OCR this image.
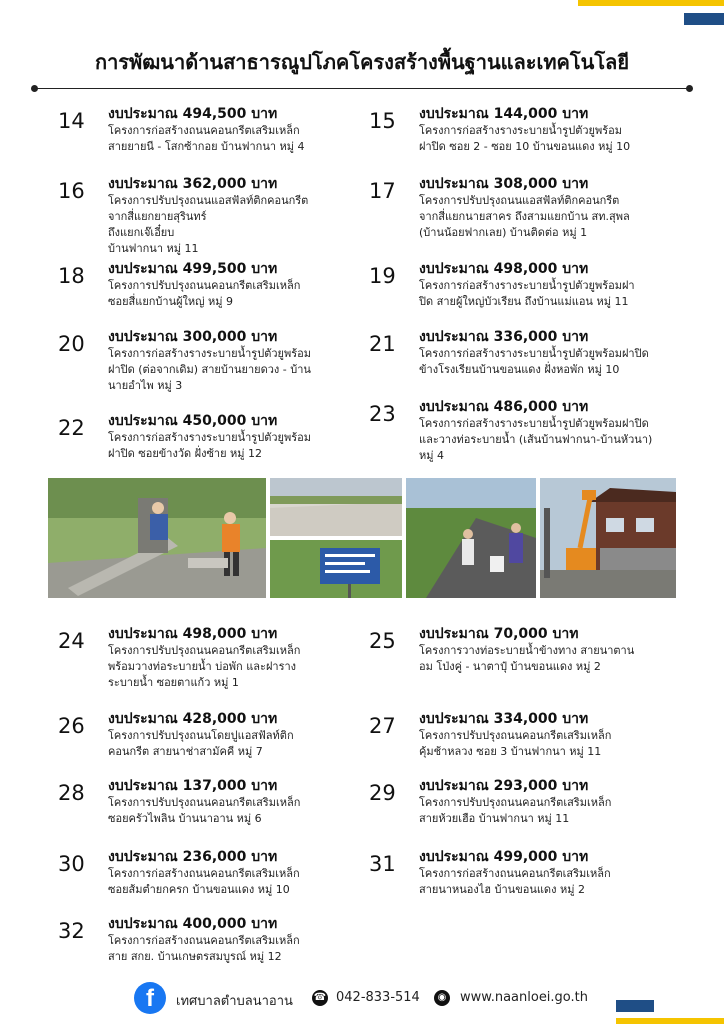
การพัฒนาด้านสาธารณูปโภคโครงสร้างพื้นฐานและเทคโนโลยี
14	งบประมาณ 494,500 บาท
โครงการก่อสร้างถนนคอนกรีตเสริมเหล็ก
สายยายนี - โสกซ้ากอย บ้านฟากนา หมู่ 4
15	งบประมาณ 144,000 บาท
โครงการก่อสร้างรางระบายน้ำรูปตัวยูพร้อม
ฝาปิด ซอย 2 - ซอย 10 บ้านขอนแดง หมู่ 10
16	งบประมาณ 362,000 บาท
โครงการปรับปรุงถนนแอสฟัลท์ติกคอนกรีต
จากสี่แยกยายสุรินทร์
ถึงแยกเจ๊เอี๋ยบ
บ้านฟากนา หมู่ 11
17	งบประมาณ 308,000 บาท
โครงการปรับปรุงถนนแอสฟัลท์ติกคอนกรีต
จากสี่แยกนายสาคร ถึงสามแยกบ้าน สท.สุพล
(บ้านน้อยฟากเลย) บ้านติดต่อ หมู่ 1
18	งบประมาณ 499,500 บาท
โครงการปรับปรุงถนนคอนกรีตเสริมเหล็ก
ซอยสี่แยกบ้านผู้ใหญ่ หมู่ 9
19	งบประมาณ 498,000 บาท
โครงการก่อสร้างรางระบายน้ำรูปตัวยูพร้อมฝา
ปิด สายผู้ใหญ่บัวเรียน ถึงบ้านแม่แอน หมู่ 11
20	งบประมาณ 300,000 บาท
โครงการก่อสร้างรางระบายน้ำรูปตัวยูพร้อม
ฝาปิด (ต่อจากเดิม) สายบ้านยายดวง - บ้าน
นายอำไพ หมู่ 3
21	งบประมาณ 336,000 บาท
โครงการก่อสร้างรางระบายน้ำรูปตัวยูพร้อมฝาปิด
ข้างโรงเรียนบ้านขอนแดง ฝั่งหอพัก หมู่ 10
22	งบประมาณ 450,000 บาท
โครงการก่อสร้างรางระบายน้ำรูปตัวยูพร้อม
ฝาปิด ซอยข้างวัด ฝั่งซ้าย หมู่ 12
23	งบประมาณ 486,000 บาท
โครงการก่อสร้างรางระบายน้ำรูปตัวยูพร้อมฝาปิด
และวางท่อระบายน้ำ (เส้นบ้านฟากนา-บ้านหัวนา)
หมู่ 4
24	งบประมาณ 498,000 บาท
โครงการปรับปรุงถนนคอนกรีตเสริมเหล็ก
พร้อมวางท่อระบายน้ำ บ่อพัก และฝาราง
ระบายน้ำ ซอยตาแก้ว หมู่ 1
25	งบประมาณ 70,000 บาท
โครงการวางท่อระบายน้ำข้างทาง สายนาตาน
อม โป่งคู่ - นาตาปุ๋ บ้านขอนแดง หมู่ 2
26	งบประมาณ 428,000 บาท
โครงการปรับปรุงถนนโดยปูแอสฟัลท์ติก
คอนกรีต สายนาช่าสามัคคี หมู่ 7
27	งบประมาณ 334,000 บาท
โครงการปรับปรุงถนนคอนกรีตเสริมเหล็ก
คุ้มช้าหลวง ซอย 3 บ้านฟากนา หมู่ 11
28	งบประมาณ 137,000 บาท
โครงการปรับปรุงถนนคอนกรีตเสริมเหล็ก
ซอยครัวไพลิน บ้านนาอาน หมู่ 6
29	งบประมาณ 293,000 บาท
โครงการปรับปรุงถนนคอนกรีตเสริมเหล็ก
สายห้วยเฮือ บ้านฟากนา หมู่ 11
30	งบประมาณ 236,000 บาท
โครงการก่อสร้างถนนคอนกรีตเสริมเหล็ก
ซอยส้มตำยกครก บ้านขอนแดง หมู่ 10
31	งบประมาณ 499,000 บาท
โครงการก่อสร้างถนนคอนกรีตเสริมเหล็ก
สายนาหนองไฮ บ้านขอนแดง หมู่ 2
32	งบประมาณ 400,000 บาท
โครงการก่อสร้างถนนคอนกรีตเสริมเหล็ก
สาย สกย. บ้านเกษตรสมบูรณ์ หมู่ 12
f	เทศบาลตำบลนาอาน ☎ 042-833-514	◉ www.naanloei.go.th
